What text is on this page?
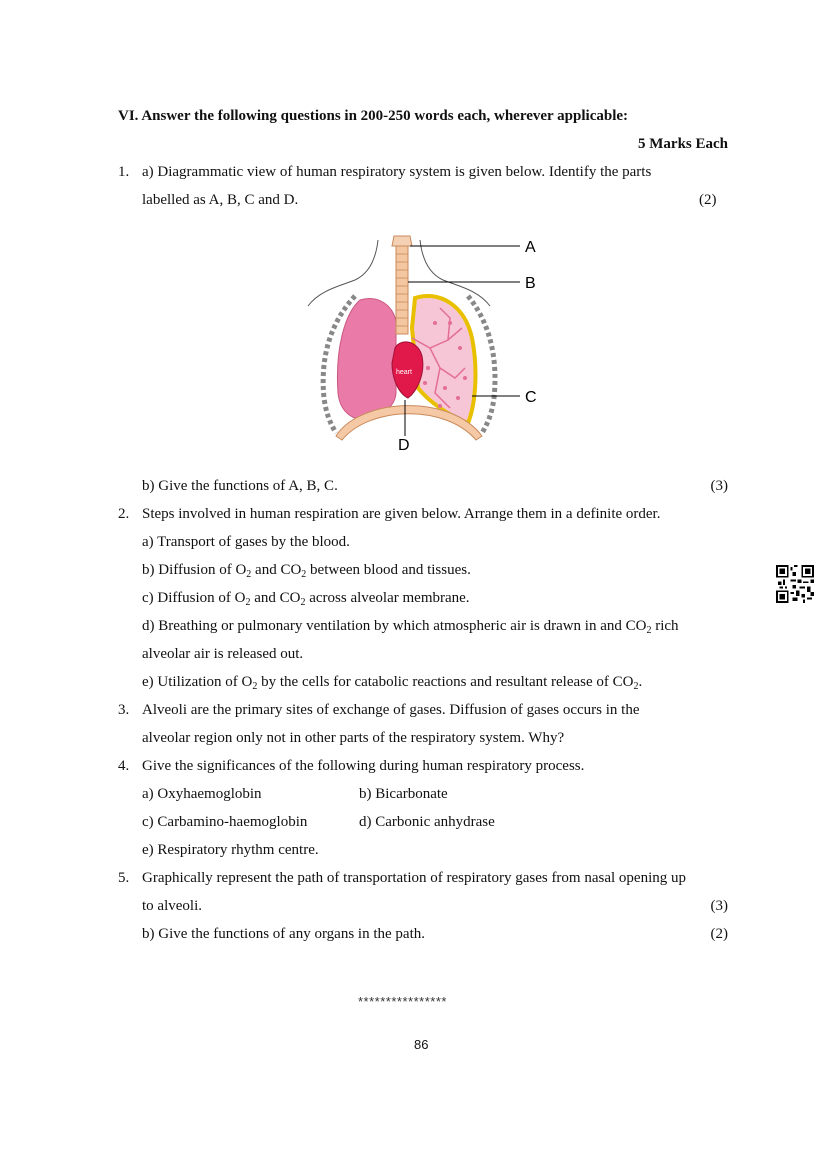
VI. Answer the following questions in 200-250 words each, wherever applicable:
5 Marks Each
1. a) Diagrammatic view of human respiratory system is given below. Identify the parts
labelled as A, B, C and D.	(2)
heart
A
B
C
D
b) Give the functions of A, B, C.	(3)
2. Steps involved in human respiration are given below. Arrange them in a definite order.
a) Transport of gases by the blood.
b) Diffusion of $O_2$ and $CO_2$ between blood and tissues.
c) Diffusion of $O_2$ and $CO_2$ across alveolar membrane.
d) Breathing or pulmonary ventilation by which atmospheric air is drawn in and $CO_2$ rich
alveolar air is released out.
e) Utilization of $O_2$ by the cells for catabolic reactions and resultant release of $CO_2$.
3. Alveoli are the primary sites of exchange of gases. Diffusion of gases occurs in the
alveolar region only not in other parts of the respiratory system. Why?
4. Give the significances of the following during human respiratory process.
a) Oxyhaemoglobin	b) Bicarbonate
c) Carbamino-haemoglobin	d) Carbonic anhydrase
e) Respiratory rhythm centre.
5. Graphically represent the path of transportation of respiratory gases from nasal opening up
to alveoli.	(3)
b) Give the functions of any organs in the path.	(2)
****************
86
